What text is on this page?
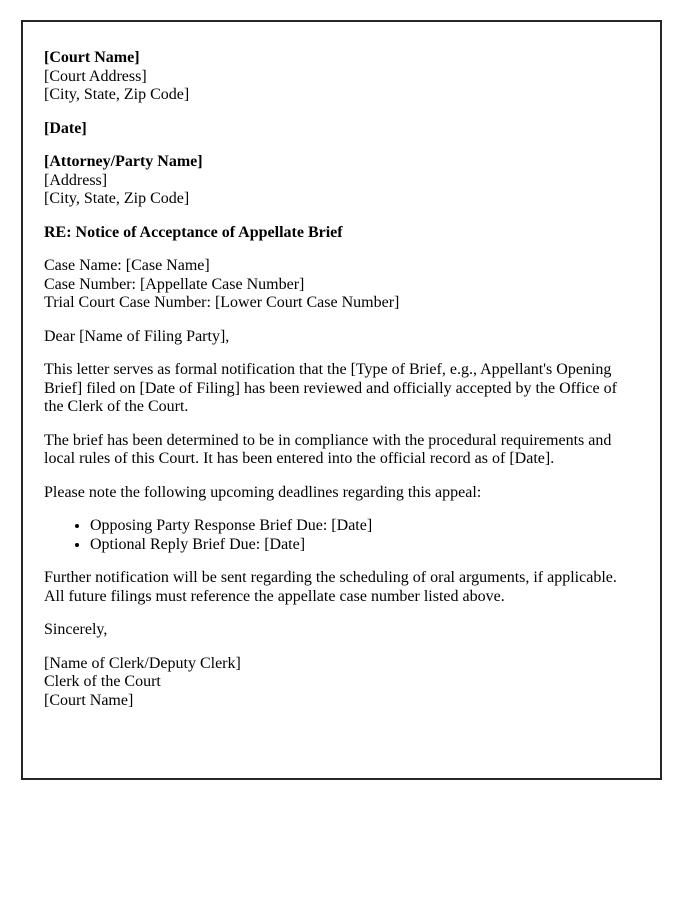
[Court Name]
[Court Address]
[City, State, Zip Code]
[Date]
[Attorney/Party Name]
[Address]
[City, State, Zip Code]
RE: Notice of Acceptance of Appellate Brief
Case Name: [Case Name]
Case Number: [Appellate Case Number]
Trial Court Case Number: [Lower Court Case Number]
Dear [Name of Filing Party],

This letter serves as formal notification that the [Type of Brief, e.g., Appellant's Opening Brief] filed on [Date of Filing] has been reviewed and officially accepted by the Office of the Clerk of the Court.

The brief has been determined to be in compliance with the procedural requirements and local rules of this Court. It has been entered into the official record as of [Date].

Please note the following upcoming deadlines regarding this appeal:

• Opposing Party Response Brief Due: [Date]
• Optional Reply Brief Due: [Date]

Further notification will be sent regarding the scheduling of oral arguments, if applicable. All future filings must reference the appellate case number listed above.

Sincerely,
[Name of Clerk/Deputy Clerk]
Clerk of the Court
[Court Name]
